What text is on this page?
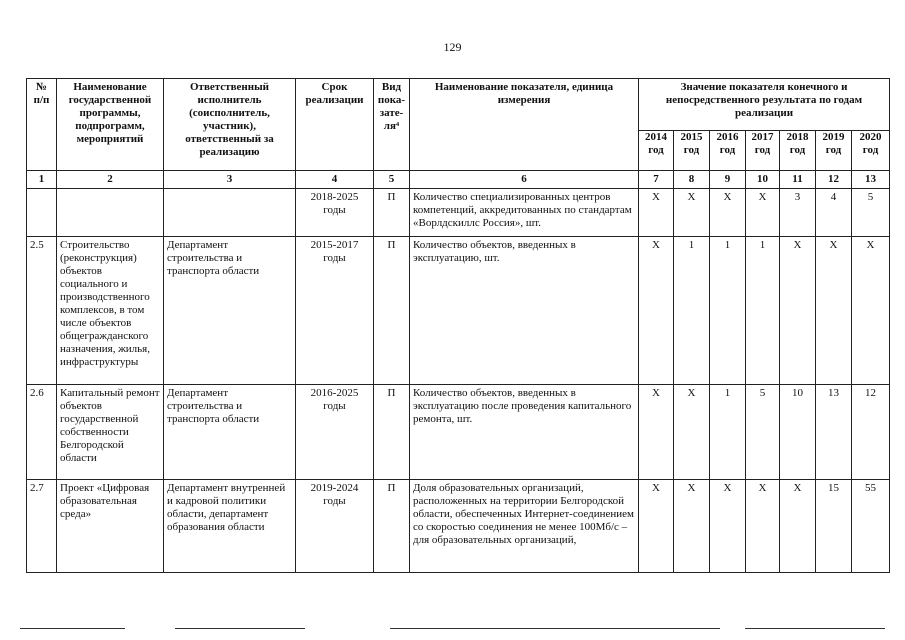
129
№ п/п	Наименование государственной программы, подпрограмм, мероприятий	Ответственный исполнитель (соисполнитель, участник), ответственный за реализацию	Срок реализации	Вид пока-зате-ля⁴	Наименование показателя, единица измерения	Значение показателя конечного и непосредственного результата по годам реализации						
						2014 год	2015 год	2016 год	2017 год	2018 год	2019 год	2020 год
1	2	3	4	5	6	7	8	9	10	11	12	13
			2018-2025 годы	П	Количество специализированных центров компетенций, аккредитованных по стандартам «Ворлдскиллс Россия», шт.	X	X	X	X	3	4	5
2.5	Строительство (реконструкция) объектов социального и производственного комплексов, в том числе объектов общегражданского назначения, жилья, инфраструктуры	Департамент строительства и транспорта области	2015-2017 годы	П	Количество объектов, введенных в эксплуатацию, шт.	X	1	1	1	X	X	X
2.6	Капитальный ремонт объектов государственной собственности Белгородской области	Департамент строительства и транспорта области	2016-2025 годы	П	Количество объектов, введенных в эксплуатацию после проведения капитального ремонта, шт.	X	X	1	5	10	13	12
2.7	Проект «Цифровая образовательная среда»	Департамент внутренней и кадровой политики области, департамент образования области	2019-2024 годы	П	Доля образовательных организаций, расположенных на территории Белгородской области, обеспеченных Интернет-соединением со скоростью соединения не менее 100Мб/с – для образовательных организаций,	X	X	X	X	X	15	55
